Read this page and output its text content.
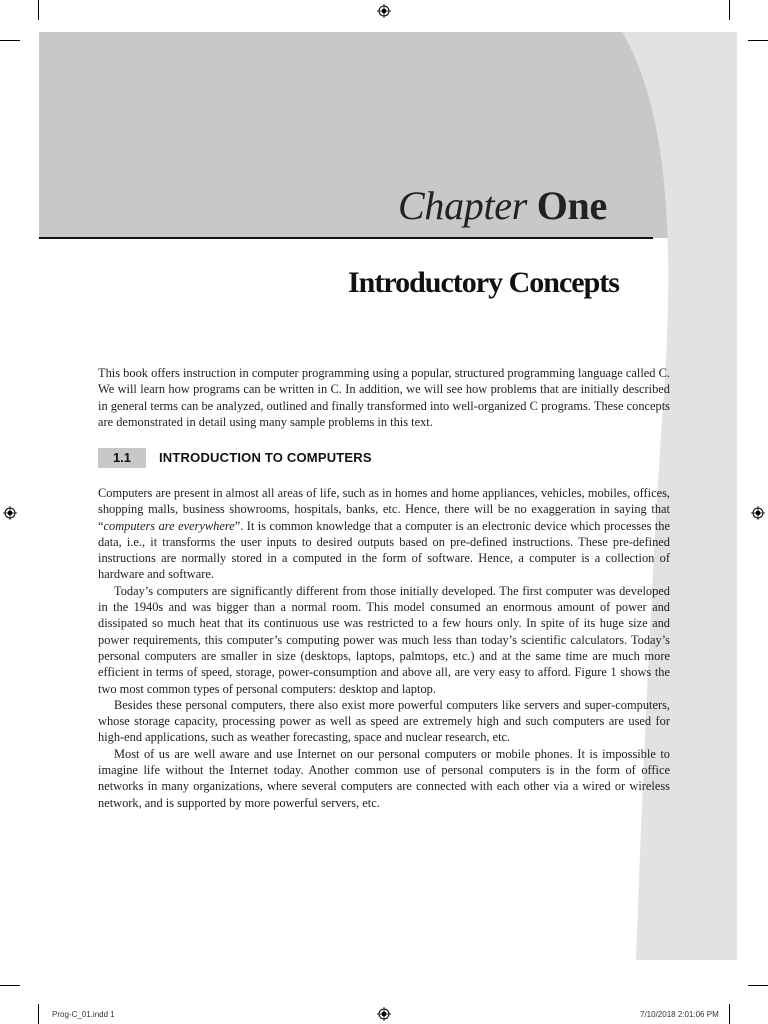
Chapter One
Introductory Concepts
This book offers instruction in computer programming using a popular, structured programming language called C. We will learn how programs can be written in C. In addition, we will see how problems that are initially described in general terms can be analyzed, outlined and finally transformed into well-organized C programs. These concepts are demonstrated in detail using many sample problems in this text.
1.1	INTRODUCTION TO COMPUTERS

Computers are present in almost all areas of life, such as in homes and home appliances, vehicles, mobiles, offices, shopping malls, business showrooms, hospitals, banks, etc. Hence, there will be no exaggeration in saying that “computers are everywhere”. It is common knowledge that a computer is an electronic device which processes the data, i.e., it transforms the user inputs to desired outputs based on pre-defined instructions. These pre-defined instructions are normally stored in a computed in the form of software. Hence, a computer is a collection of hardware and software.

Today’s computers are significantly different from those initially developed. The first computer was developed in the 1940s and was bigger than a normal room. This model consumed an enormous amount of power and dissipated so much heat that its continuous use was restricted to a few hours only. In spite of its huge size and power requirements, this computer’s computing power was much less than today’s scientific calculators. Today’s personal computers are smaller in size (desktops, laptops, palmtops, etc.) and at the same time are much more efficient in terms of speed, storage, power-consumption and above all, are very easy to afford. Figure 1 shows the two most common types of personal computers: desktop and laptop.

Besides these personal computers, there also exist more powerful computers like servers and super-computers, whose storage capacity, processing power as well as speed are extremely high and such computers are used for high-end applications, such as weather forecasting, space and nuclear research, etc.

Most of us are well aware and use Internet on our personal computers or mobile phones. It is impossible to imagine life without the Internet today. Another common use of personal computers is in the form of office networks in many organizations, where several computers are connected with each other via a wired or wireless network, and is supported by more powerful servers, etc.

Prog-C_01.indd 1	7/10/2018 2:01:06 PM
